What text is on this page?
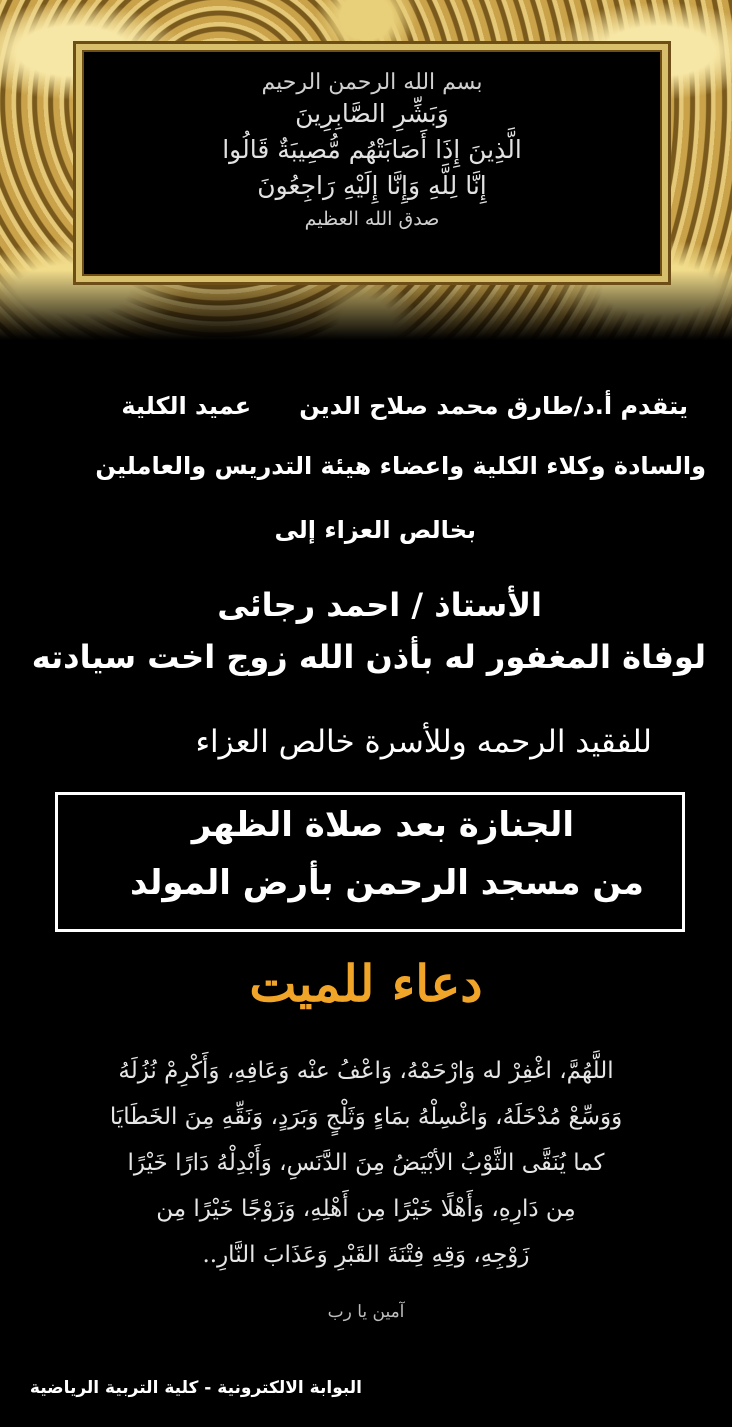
بسم الله الرحمن الرحيم
وَبَشِّرِ الصَّابِرِينَ
الَّذِينَ إِذَا أَصَابَتْهُم مُّصِيبَةٌ قَالُوا
إِنَّا لِلَّهِ وَإِنَّا إِلَيْهِ رَاجِعُونَ
صدق الله العظيم
يتقدم أ.د/طارق محمد صلاح الدينعميد الكلية
والسادة وكلاء الكلية واعضاء هيئة التدريس والعاملين
بخالص العزاء إلى
الأستاذ / احمد رجائى
لوفاة المغفور له بأذن الله زوج اخت سيادته
للفقيد الرحمه وللأسرة خالص العزاء
الجنازة بعد صلاة الظهر
من مسجد الرحمن بأرض المولد
دعاء للميت
اللَّهُمَّ، اغْفِرْ له وَارْحَمْهُ، وَاعْفُ عنْه وَعَافِهِ، وَأَكْرِمْ نُزُلَهُ
وَوَسِّعْ مُدْخَلَهُ، وَاغْسِلْهُ بمَاءٍ وَثَلْجٍ وَبَرَدٍ، وَنَقِّهِ مِنَ الخَطَايَا
كما يُنَقَّى الثَّوْبُ الأبْيَضُ مِنَ الدَّنَسِ، وَأَبْدِلْهُ دَارًا خَيْرًا
مِن دَارِهِ، وَأَهْلًا خَيْرًا مِن أَهْلِهِ، وَزَوْجًا خَيْرًا مِن
زَوْجِهِ، وَقِهِ فِتْنَةَ القَبْرِ وَعَذَابَ النَّارِ..
آمين يا رب
البوابة الالكترونية - كلية التربية الرياضية
